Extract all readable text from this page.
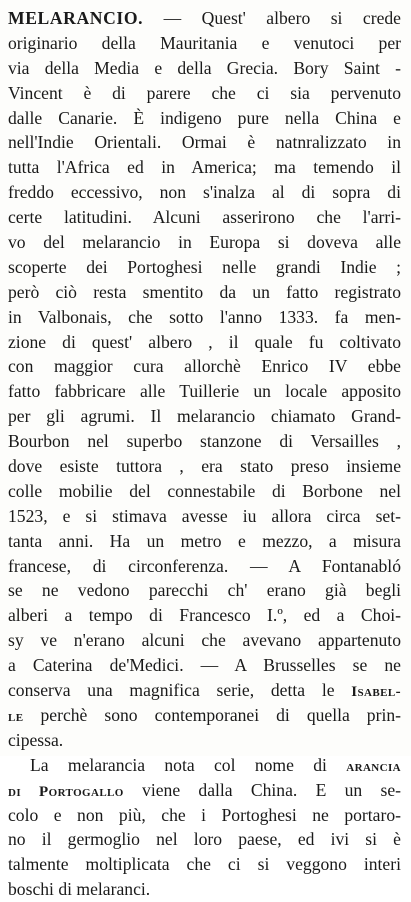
MELARANCIO. — Quest' albero si crede
originario della Mauritania e venutoci per
via della Media e della Grecia. Bory Saint -
Vincent è di parere che ci sia pervenuto
dalle Canarie. È indigeno pure nella China e
nell'Indie Orientali. Ormai è natnralizzato in
tutta l'Africa ed in America; ma temendo il
freddo eccessivo, non s'inalza al di sopra di
certe latitudini. Alcuni asserirono che l'arri-
vo del melarancio in Europa si doveva alle
scoperte dei Portoghesi nelle grandi Indie ;
però ciò resta smentito da un fatto registrato
in Valbonais, che sotto l'anno 1333. fa men-
zione di quest' albero , il quale fu coltivato
con maggior cura allorchè Enrico IV ebbe
fatto fabbricare alle Tuillerie un locale apposito
per gli agrumi. Il melarancio chiamato Grand-
Bourbon nel superbo stanzone di Versailles ,
dove esiste tuttora , era stato preso insieme
colle mobilie del connestabile di Borbone nel
1523, e si stimava avesse iu allora circa set-
tanta anni. Ha un metro e mezzo, a misura
francese, di circonferenza. — A Fontanabló
se ne vedono parecchi ch' erano già begli
alberi a tempo di Francesco I.º, ed a Choi-
sy ve n'erano alcuni che avevano appartenuto
a Caterina de'Medici. — A Brusselles se ne
conserva una magnifica serie, detta le Isabel-
le perchè sono contemporanei di quella prin-
cipessa.
La melarancia nota col nome di arancia
di Portogallo viene dalla China. E un se-
colo e non più, che i Portoghesi ne portaro-
no il germoglio nel loro paese, ed ivi si è
talmente moltiplicata che ci si veggono interi
boschi di melaranci.
